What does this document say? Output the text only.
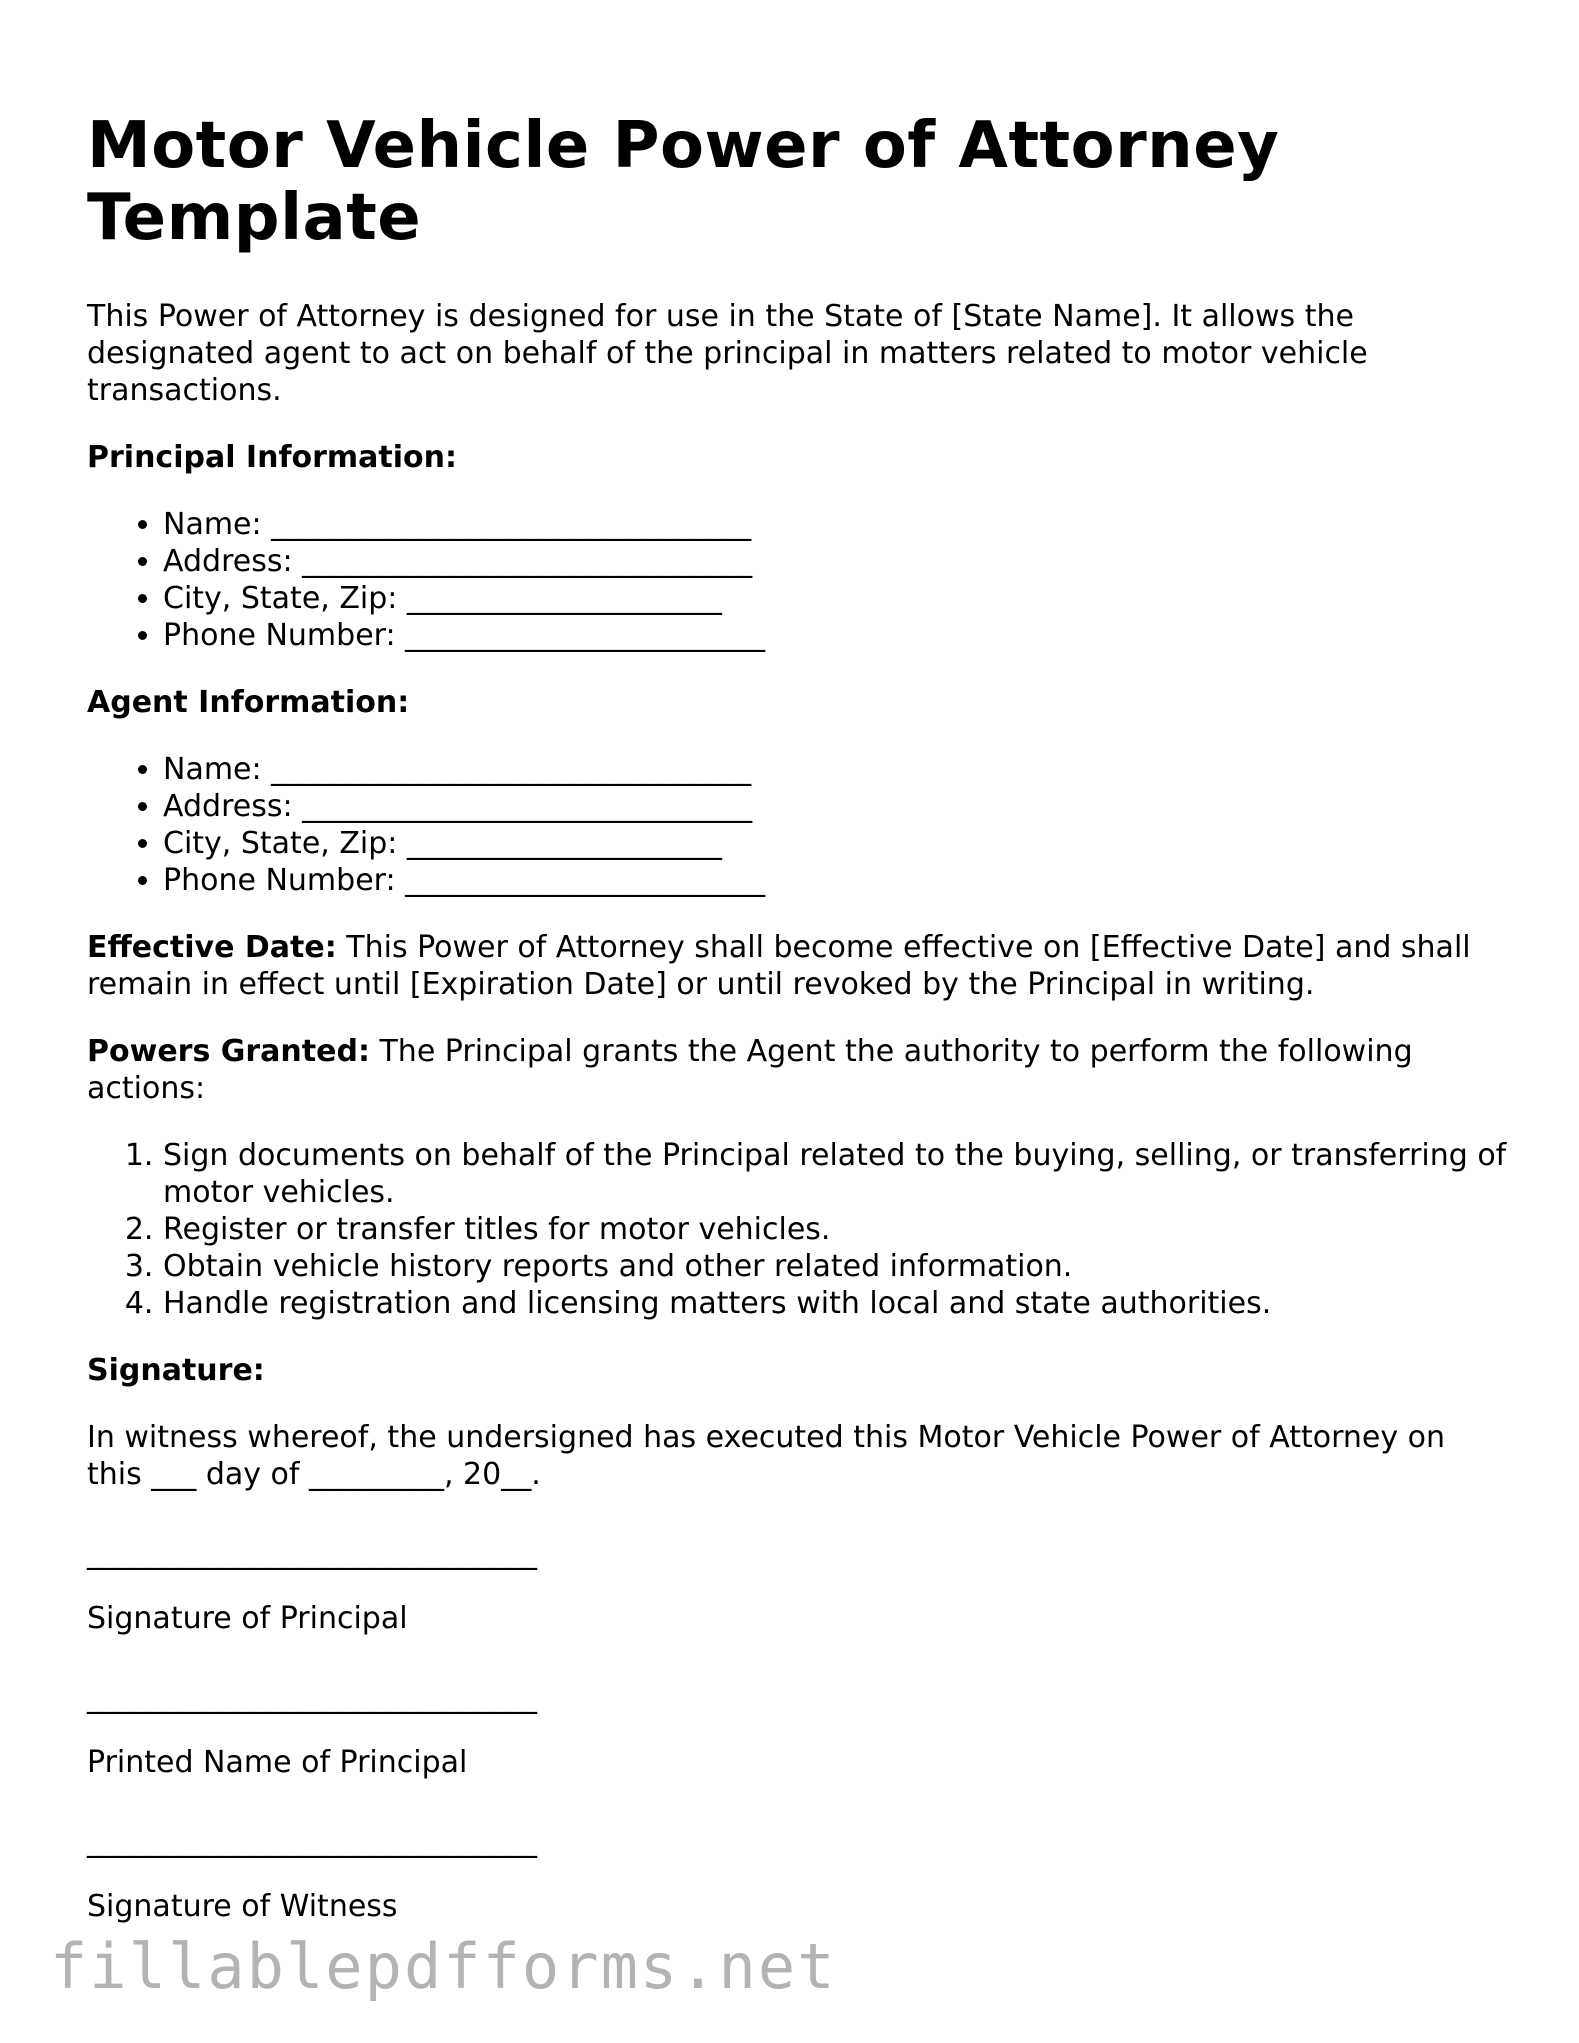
Motor Vehicle Power of Attorney Template

This Power of Attorney is designed for use in the State of [State Name]. It allows the designated agent to act on behalf of the principal in matters related to motor vehicle transactions.

Principal Information:

• Name: ________________________________
• Address: ______________________________
• City, State, Zip: _____________________
• Phone Number: ________________________

Agent Information:

• Name: ________________________________
• Address: ______________________________
• City, State, Zip: _____________________
• Phone Number: ________________________

Effective Date: This Power of Attorney shall become effective on [Effective Date] and shall remain in effect until [Expiration Date] or until revoked by the Principal in writing.

Powers Granted: The Principal grants the Agent the authority to perform the following actions:

1. Sign documents on behalf of the Principal related to the buying, selling, or transferring of motor vehicles.
2. Register or transfer titles for motor vehicles.
3. Obtain vehicle history reports and other related information.
4. Handle registration and licensing matters with local and state authorities.

Signature:

In witness whereof, the undersigned has executed this Motor Vehicle Power of Attorney on this ___ day of _________, 20__.

______________________________
Signature of Principal
______________________________
Printed Name of Principal
______________________________
Signature of Witness
fillablepdfforms.net
